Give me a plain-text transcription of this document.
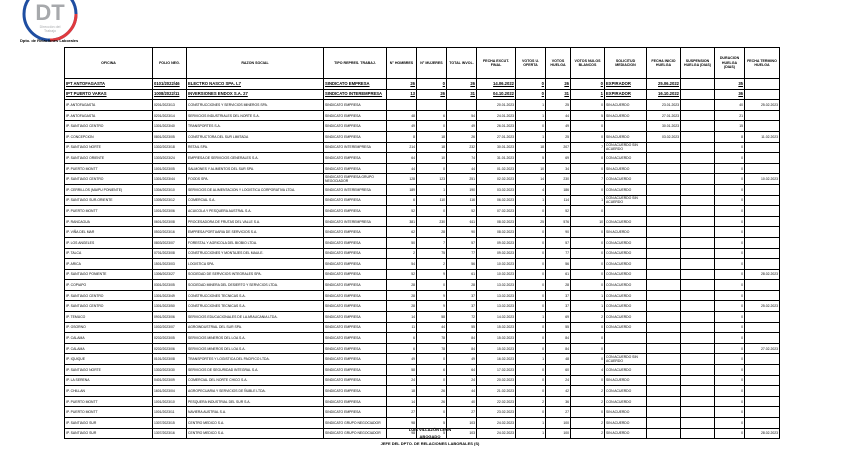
DT
Dirección del
Trabajo
Dpto. de Relaciones Laborales
OFICINA	FOLIO NEG.	RAZON SOCIAL	TIPO REPRES. TRABAJ.	N° HOMBRES	N° MUJERES	TOTAL INVOL.	FECHA EXCUT. FINAL	VOTOS U. OFERTA	VOTOS HUELGA	VOTOS NULOS BLANCOS	SOLICITUD MEDIACION	FECHA INICIO HUELGA	SUSPENSION HUELGA (DIAS)	DURACION HUELGA (DIAS)	FECHA TERMINO HUELGA
IPT ANTOFAGASTA	0101/2022/46	ELECTRO NASCO SPA. L7	SINDICATO EMPRESA	26	0	26	14.06.2022	0	26	0	EXPIRADOR	25.06.2022		35	
IPT PUERTO VARAS	1008/2022/11	INVERSIONES ENDOX S.A. 27	SINDICATO INTEREMPRESA	13	26	31	04.10.2022	0	31	1	EXPIRADOR	16.10.2022		36	
IP. ANTOFAGASTA	0201/2023/13	CONSTRUCCIONES Y SERVICIOS MINEROS SPA.	SINDICATO EMPRESA				20.01.2023	1	25	0	SIN ACUERDO	23.01.2023		40	25.02.2023
IP. ANTOFAGASTA	0201/2023/14	SERVICIOS INDUSTRIALES DEL NORTE S.A.	SINDICATO EMPRESA	48	6	54	24.01.2023	1	44	5	SIN ACUERDO	27.01.2023		21	
IP. SANTIAGO CENTRO	1301/2023/40	TRANSPORTES S.A.	SINDICATO EMPRESA	49	0	49	26.01.2023	0	49	0		30.01.2023		15	
IP. CONCEPCION	0801/2023/05	CONSTRUCTORA DEL SUR LIMITADA	SINDICATO EMPRESA	8	18	26	27.01.2023	1	25	0	SIN ACUERDO	03.02.2023		8	11.02.2023
IP. SANTIAGO NORTE	1302/2023/18	RETAIL SPA.	SINDICATO INTEREMPRESA	214	18	232	30.01.2023	18	207	7	CON ACUERDO SIN ACUERDO			0	
IP. SANTIAGO ORIENTE	1303/2023/24	EMPRESA DE SERVICIOS GENERALES S.A.	SINDICATO EMPRESA	64	10	74	31.01.2023	5	69	0	CON ACUERDO			0	
IP. PUERTO MONTT	1001/2023/05	SALMONES Y ALIMENTOS DEL SUR SPA.	SINDICATO EMPRESA	44	0	44	01.02.2023	10	34	0	SIN ACUERDO			0	
IP. SANTIAGO CENTRO	1301/2023/44	FOODS SPA.	SINDICATO EMPRESA GRUPO NEGOCIADOR	128	123	251	02.02.2023	14	230	7	CON ACUERDO			0	10.02.2023
IP. CERRILLOS (MAIPU PONIENTE)	1304/2023/10	SERVICIOS DE ALIMENTACION Y LOGISTICA CORPORATIVA LTDA.	SINDICATO INTEREMPRESA	189	1	190	03.02.2023	4	186	0	CON ACUERDO			0	
IP. SANTIAGO SUR-ORIENTE	1305/2023/12	COMERCIAL S.A.	SINDICATO EMPRESA	6	110	116	06.02.2023	1	114	1	CON ACUERDO SIN ACUERDO			0	
IP. PUERTO MONTT	1001/2023/06	ACUICOLA Y PESQUERA AUSTRAL S.A.	SINDICATO EMPRESA	52	0	52	07.02.2023	0	52	0				0	
IP. RANCAGUA	0601/2023/08	PROCESADORA DE FRUTAS DEL VALLE S.A.	SINDICATO INTEREMPRESA	381	230	611	08.02.2023	25	576	10	CON ACUERDO			0	
IP. VIÑA DEL MAR	0502/2023/16	EMPRESA PORTUARIA DE SERVICIOS S.A.	SINDICATO EMPRESA	62	28	90	08.02.2023	0	90	0	SIN ACUERDO			0	
IP. LOS ANGELES	0803/2023/07	FORESTAL Y AGRICOLA DEL BIOBIO LTDA.	SINDICATO EMPRESA	50	7	57	09.02.2023	0	57	0	CON ACUERDO			0	
IP. TALCA	0701/2023/08	CONSTRUCCIONES Y MONTAJES DEL MAULE.	SINDICATO EMPRESA	2	75	77	09.02.2023	0	77	0	CON ACUERDO			0	
IP. ARICA	1501/2023/03	LOGISTICA SPA.	SINDICATO EMPRESA	54	2	56	10.02.2023	0	56	0	CON ACUERDO			0	
IP. SANTIAGO PONIENTE	1306/2023/27	SOCIEDAD DE SERVICIOS INTEGRALES SPA.	SINDICATO EMPRESA	52	9	61	10.02.2023	0	61	0	CON ACUERDO			0	28.02.2023
IP. COPIAPO	0301/2023/05	SOCIEDAD MINERA DEL DESIERTO Y SERVICIOS LTDA.	SINDICATO EMPRESA	28	0	28	13.02.2023	0	28	0	CON ACUERDO			0	
IP. SANTIAGO CENTRO	1301/2023/49	CONSTRUCCIONES TECNICAS S.A.	SINDICATO EMPRESA	28	9	37	13.02.2023	0	37	1	CON ACUERDO			0	
IP. SANTIAGO CENTRO	1301/2023/50	CONSTRUCCIONES TECNICAS S.A.	SINDICATO EMPRESA	28	9	37	13.02.2023	0	37	1	CON ACUERDO			0	25.02.2023
IP. TEMUCO	0901/2023/06	SERVICIOS EDUCACIONALES DE LA ARAUCANIA LTDA.	SINDICATO EMPRESA	14	58	72	14.02.2023	1	69	2	CON ACUERDO			0	
IP. OSORNO	1002/2023/07	AGROINDUSTRIAL DEL SUR SPA.	SINDICATO EMPRESA	11	44	55	15.02.2023	0	55	0	CON ACUERDO			0	
IP. CALAMA	0202/2023/05	SERVICIOS MINEROS DEL LOA S.A.	SINDICATO EMPRESA	6	78	84	15.02.2023	0	84	0				0	
IP. CALAMA	0202/2023/06	SERVICIOS MINEROS DEL LOA S.A.	SINDICATO EMPRESA	6	78	84	15.02.2023	0	84	0				0	27.02.2023
IP. IQUIQUE	0101/2023/08	TRANSPORTES Y LOGISTICA DEL PACIFICO LTDA.	SINDICATO EMPRESA	49	0	49	16.02.2023	1	48	0	CON ACUERDO SIN ACUERDO			0	
IP. SANTIAGO NORTE	1302/2023/30	SERVICIOS DE SEGURIDAD INTEGRAL S.A.	SINDICATO EMPRESA	58	6	64	17.02.2023	0	60	4	CON ACUERDO			0	
IP. LA SERENA	0401/2023/09	COMERCIAL DEL NORTE CHICO S.A.	SINDICATO EMPRESA	24	0	24	20.02.2023	0	24	0	SIN ACUERDO			0	
IP. CHILLAN	1601/2023/04	AGROPECUARIA Y SERVICIOS DE ÑUBLE LTDA.	SINDICATO EMPRESA	18	26	44	21.02.2023	0	42	2	CON ACUERDO			0	
IP. PUERTO MONTT	1001/2023/10	PESQUERA INDUSTRIAL DEL SUR S.A.	SINDICATO EMPRESA	14	26	40	22.02.2023	2	36	2	CON ACUERDO			0	
IP. PUERTO MONTT	1001/2023/11	NAVIERA AUSTRAL S.A.	SINDICATO EMPRESA	27	0	27	23.02.2023	0	27	0	SIN ACUERDO			0	
IP. SANTIAGO SUR	1307/2023/15	CENTRO MEDICO S.A.	SINDICATO GRUPO NEGOCIADOR	98	5	103	24.02.2023	1	100	2	SIN ACUERDO			0	
IP. SANTIAGO SUR	1307/2023/16	CENTRO MEDICO S.A.	SINDICATO GRUPO NEGOCIADOR	98	5	103	24.02.2023	1	100	2	SIN ACUERDO			0	28.02.2023
LUIS VILLAZÓN LEON
ABOGADO
JEFE DEL DPTO. DE RELACIONES LABORALES (S)
